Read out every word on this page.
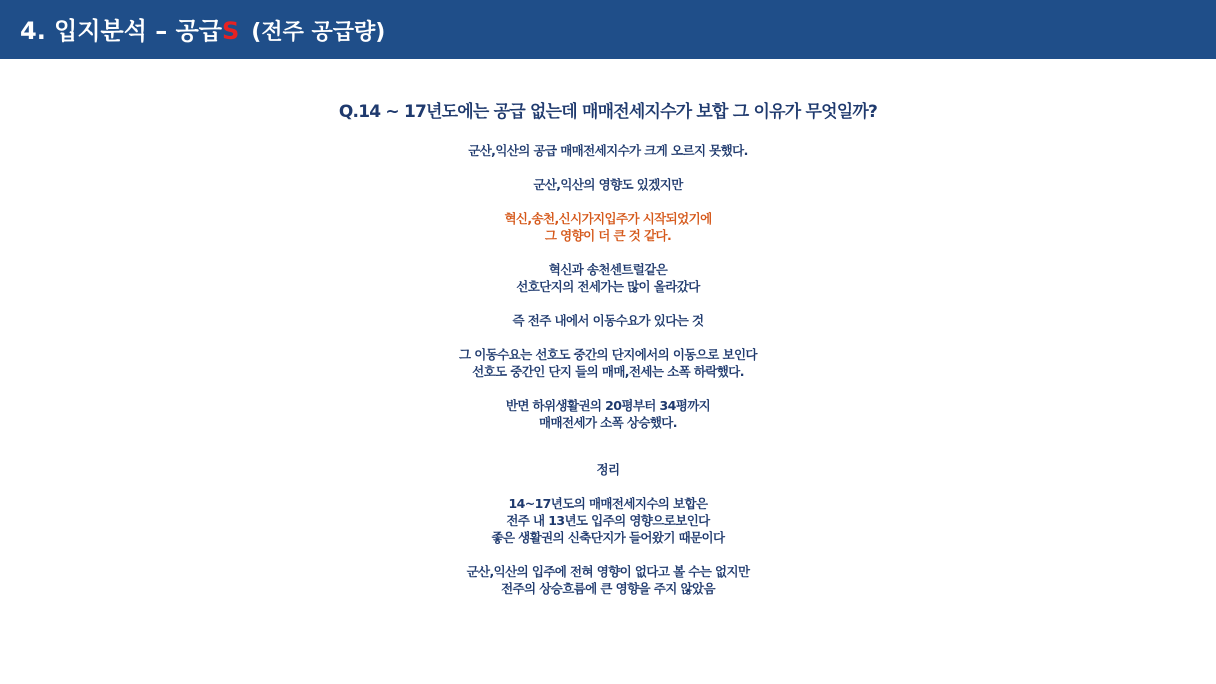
4. 입지분석 – 공급S (전주 공급량)
Q.14 ~ 17년도에는 공급 없는데 매매전세지수가 보합 그 이유가 무엇일까?
군산,익산의 공급 매매전세지수가 크게 오르지 못했다.
군산,익산의 영향도 있겠지만
혁신,송천,신시가지입주가 시작되었기에
그 영향이 더 큰 것 같다.
혁신과 송천센트럴같은
선호단지의 전세가는 많이 올라갔다
즉 전주 내에서 이동수요가 있다는 것
그 이동수요는 선호도 중간의 단지에서의 이동으로 보인다
선호도 중간인 단지 들의 매매,전세는 소폭 하락했다.
반면 하위생활권의 20평부터 34평까지
매매전세가 소폭 상승했다.
정리
14~17년도의 매매전세지수의 보합은
전주 내 13년도 입주의 영향으로보인다
좋은 생활권의 신축단지가 들어왔기 때문이다
군산,익산의 입주에 전혀 영향이 없다고 볼 수는 없지만
전주의 상승흐름에 큰 영향을 주지 않았음
